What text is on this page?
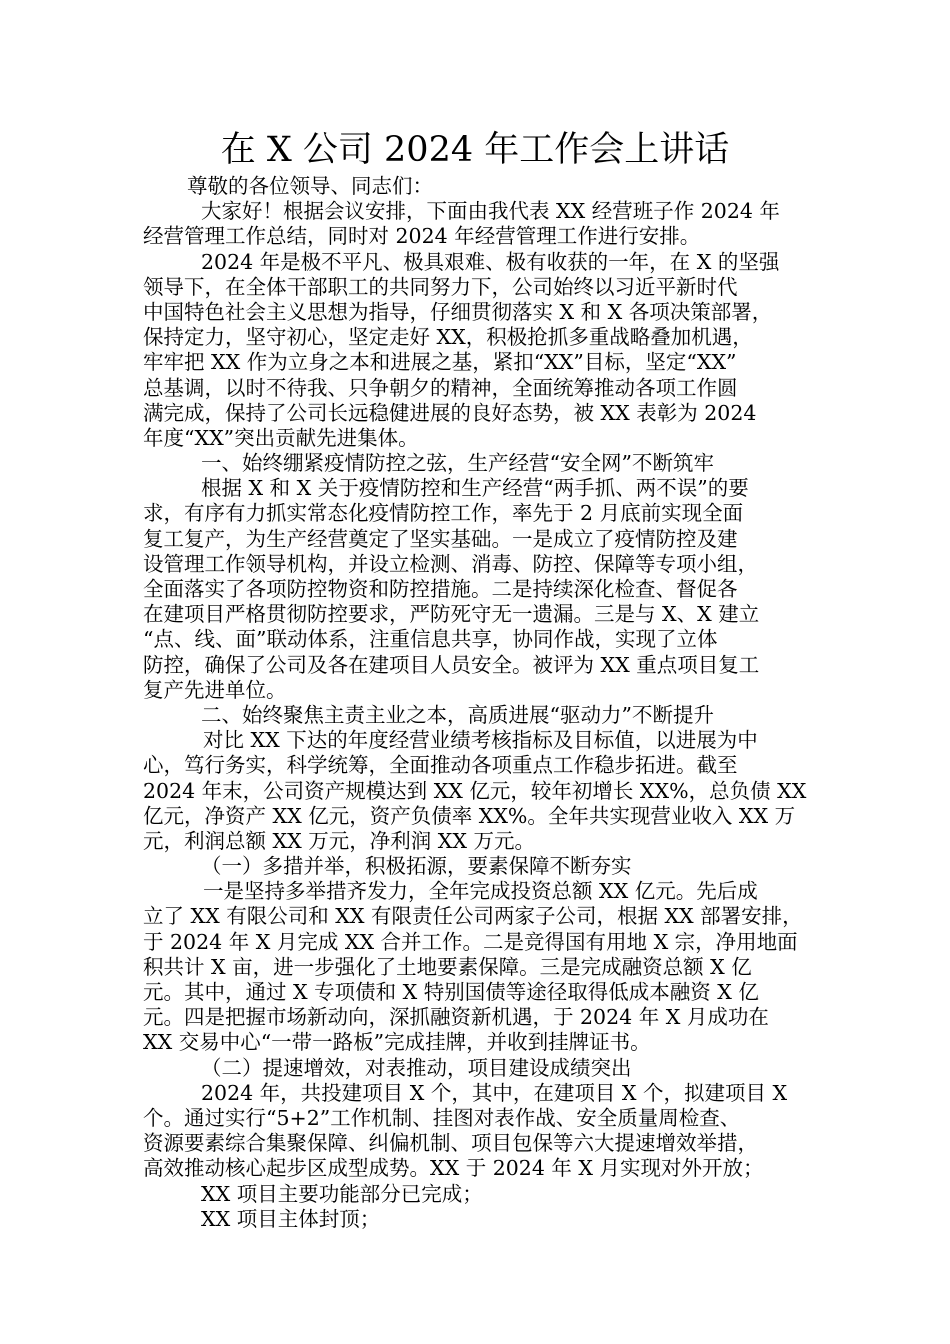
在 X 公司 2024 年工作会上讲话
尊敬的各位领导、同志们：
大家好！根据会议安排，下面由我代表 XX 经营班子作 2024 年
经营管理工作总结，同时对 2024 年经营管理工作进行安排。
2024 年是极不平凡、极具艰难、极有收获的一年，在 X 的坚强
领导下，在全体干部职工的共同努力下，公司始终以习近平新时代
中国特色社会主义思想为指导，仔细贯彻落实 X 和 X 各项决策部署，
保持定力，坚守初心，坚定走好 XX，积极抢抓多重战略叠加机遇，
牢牢把 XX 作为立身之本和进展之基，紧扣“XX”目标，坚定“XX”
总基调，以时不待我、只争朝夕的精神，全面统筹推动各项工作圆
满完成，保持了公司长远稳健进展的良好态势，被 XX 表彰为 2024
年度“XX”突出贡献先进集体。
一、始终绷紧疫情防控之弦，生产经营“安全网”不断筑牢
根据 X 和 X 关于疫情防控和生产经营“两手抓、两不误”的要
求，有序有力抓实常态化疫情防控工作，率先于 2 月底前实现全面
复工复产，为生产经营奠定了坚实基础。一是成立了疫情防控及建
设管理工作领导机构，并设立检测、消毒、防控、保障等专项小组，
全面落实了各项防控物资和防控措施。二是持续深化检查、督促各
在建项目严格贯彻防控要求，严防死守无一遗漏。三是与 X、X 建立
“点、线、面”联动体系，注重信息共享，协同作战，实现了立体
防控，确保了公司及各在建项目人员安全。被评为 XX 重点项目复工
复产先进单位。
二、始终聚焦主责主业之本，高质进展“驱动力”不断提升
对比 XX 下达的年度经营业绩考核指标及目标值，以进展为中
心，笃行务实，科学统筹，全面推动各项重点工作稳步拓进。截至
2024 年末，公司资产规模达到 XX 亿元，较年初增长 XX%，总负债 XX
亿元，净资产 XX 亿元，资产负债率 XX%。全年共实现营业收入 XX 万
元，利润总额 XX 万元，净利润 XX 万元。
（一）多措并举，积极拓源，要素保障不断夯实
一是坚持多举措齐发力，全年完成投资总额 XX 亿元。先后成
立了 XX 有限公司和 XX 有限责任公司两家子公司，根据 XX 部署安排，
于 2024 年 X 月完成 XX 合并工作。二是竞得国有用地 X 宗，净用地面
积共计 X 亩，进一步强化了土地要素保障。三是完成融资总额 X 亿
元。其中，通过 X 专项债和 X 特别国债等途径取得低成本融资 X 亿
元。四是把握市场新动向，深抓融资新机遇，于 2024 年 X 月成功在
XX 交易中心“一带一路板”完成挂牌，并收到挂牌证书。
（二）提速增效，对表推动，项目建设成绩突出
2024 年，共投建项目 X 个，其中，在建项目 X 个，拟建项目 X
个。通过实行“5+2”工作机制、挂图对表作战、安全质量周检查、
资源要素综合集聚保障、纠偏机制、项目包保等六大提速增效举措，
高效推动核心起步区成型成势。XX 于 2024 年 X 月实现对外开放；
XX 项目主要功能部分已完成；
XX 项目主体封顶；
